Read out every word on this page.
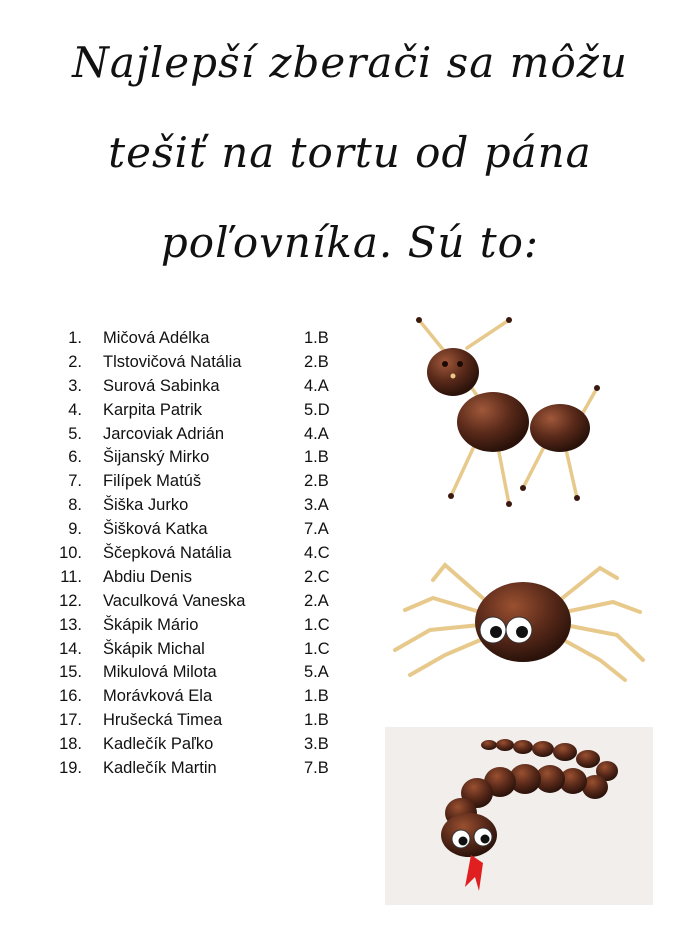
Najlepší zberači sa môžu
tešiť na tortu od pána
poľovníka. Sú to:
1. Mičová Adélka	1.B
2. Tlstovičová Natália	2.B
3. Surová Sabinka	4.A
4. Karpita Patrik	5.D
5. Jarcoviak Adrián	4.A
6. Šijanský Mirko	1.B
7. Filípek Matúš	2.B
8. Šiška Jurko	3.A
9. Šišková Katka	7.A
10. Ščepková Natália	4.C
11. Abdiu Denis	2.C
12. Vaculková Vaneska	2.A
13. Škápik Mário	1.C
14. Škápik Michal	1.C
15. Mikulová Milota	5.A
16. Morávková Ela	1.B
17. Hrušecká Timea	1.B
18. Kadlečík Paľko	3.B
19. Kadlečík Martin	7.B
